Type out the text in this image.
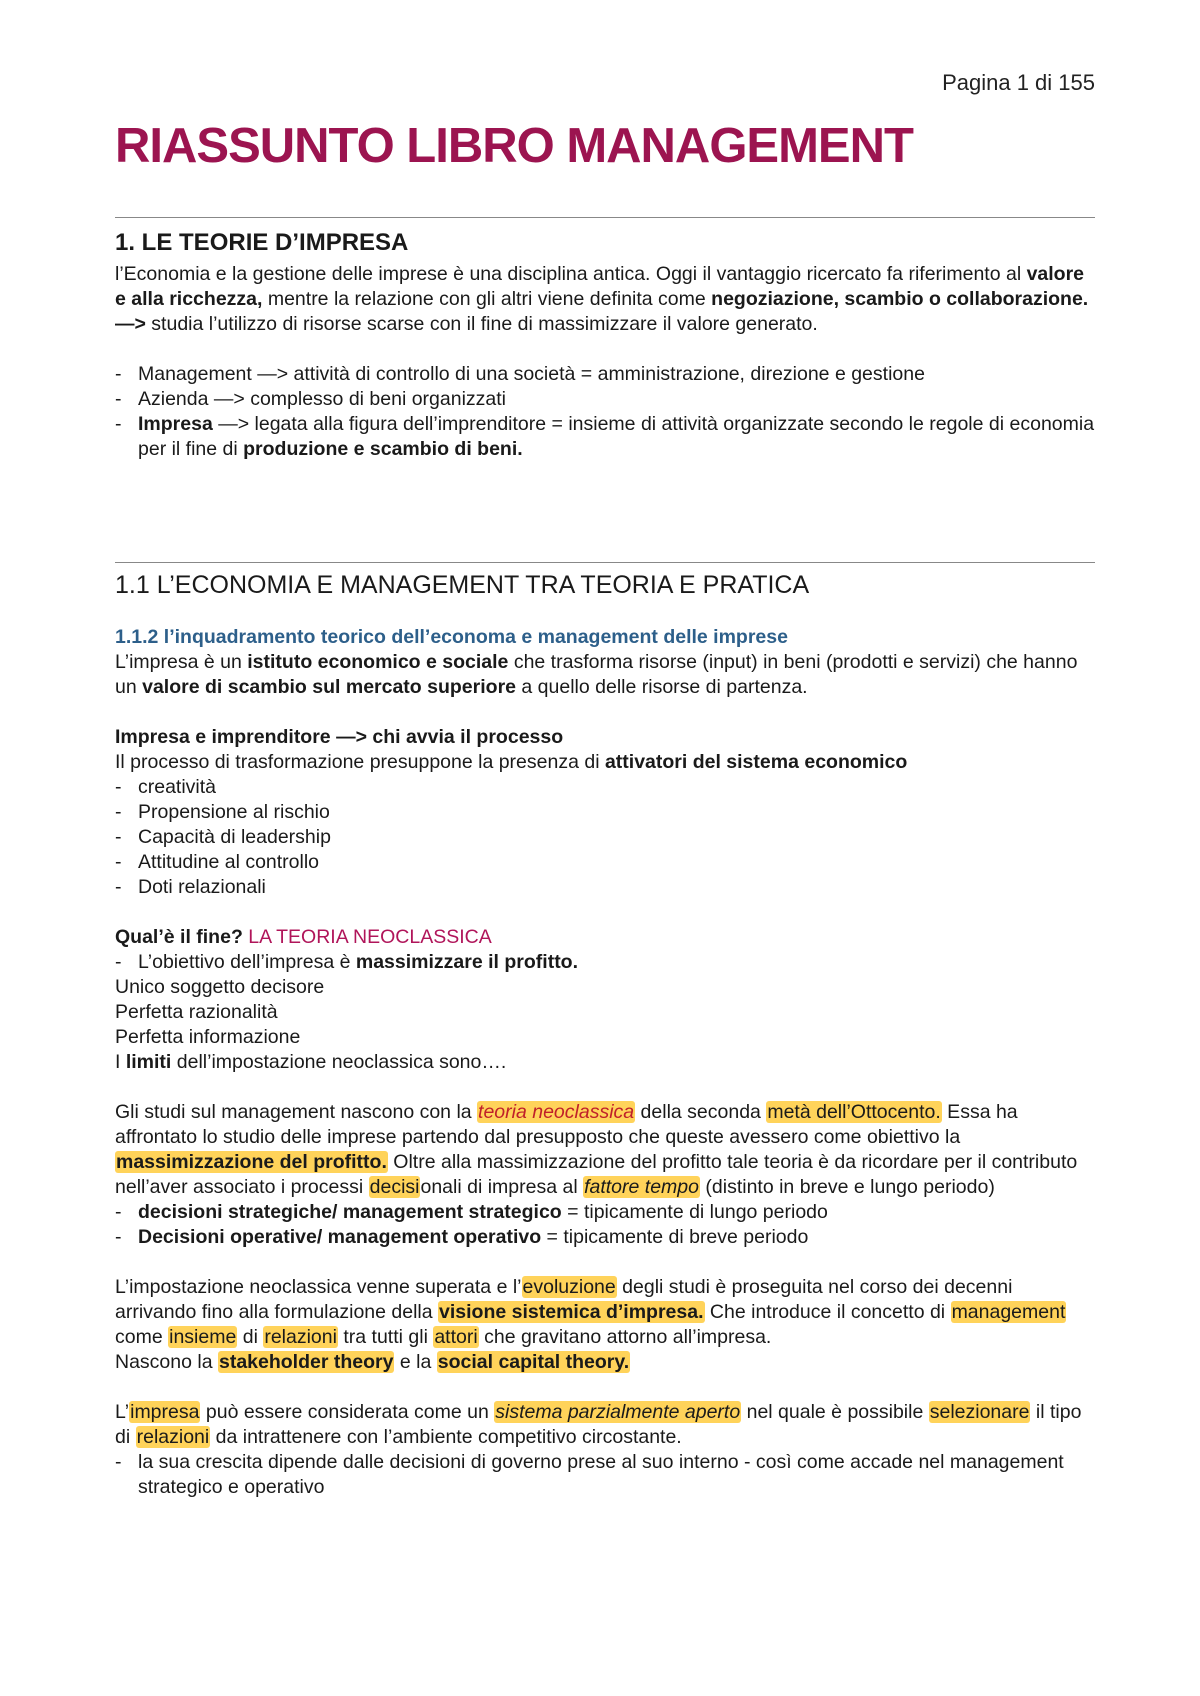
Pagina 1 di 155
RIASSUNTO LIBRO MANAGEMENT
1. LE TEORIE D’IMPRESA

l’Economia e la gestione delle imprese è una disciplina antica. Oggi il vantaggio ricercato fa riferimento al valore e alla ricchezza, mentre la relazione con gli altri viene definita come negoziazione, scambio o collaborazione.

—> studia l’utilizzo di risorse scarse con il fine di massimizzare il valore generato.

- Management —> attività di controllo di una società = amministrazione, direzione e gestione
- Azienda —> complesso di beni organizzati
- Impresa —> legata alla figura dell’imprenditore = insieme di attività organizzate secondo le regole di economia per il fine di produzione e scambio di beni.
1.1 L’ECONOMIA E MANAGEMENT TRA TEORIA E PRATICA
1.1.2 l’inquadramento teorico dell’economa e management delle imprese

L’impresa è un istituto economico e sociale che trasforma risorse (input) in beni (prodotti e servizi) che hanno un valore di scambio sul mercato superiore a quello delle risorse di partenza.

Impresa e imprenditore —> chi avvia il processo

Il processo di trasformazione presuppone la presenza di attivatori del sistema economico

- creatività
- Propensione al rischio
- Capacità di leadership
- Attitudine al controllo
- Doti relazionali

Qual’è il fine? LA TEORIA NEOCLASSICA

- L’obiettivo dell’impresa è massimizzare il profitto.

Unico soggetto decisore

Perfetta razionalità

Perfetta informazione

I limiti dell’impostazione neoclassica sono….

Gli studi sul management nascono con la teoria neoclassica della seconda metà dell’Ottocento. Essa ha affrontato lo studio delle imprese partendo dal presupposto che queste avessero come obiettivo la massimizzazione del profitto. Oltre alla massimizzazione del profitto tale teoria è da ricordare per il contributo nell’aver associato i processi decisionali di impresa al fattore tempo (distinto in breve e lungo periodo)

- decisioni strategiche/ management strategico = tipicamente di lungo periodo
- Decisioni operative/ management operativo = tipicamente di breve periodo

L’impostazione neoclassica venne superata e l’evoluzione degli studi è proseguita nel corso dei decenni arrivando fino alla formulazione della visione sistemica d’impresa. Che introduce il concetto di management come insieme di relazioni tra tutti gli attori che gravitano attorno all’impresa.

Nascono la stakeholder theory e la social capital theory.

L’impresa può essere considerata come un sistema parzialmente aperto nel quale è possibile selezionare il tipo di relazioni da intrattenere con l’ambiente competitivo circostante.

- la sua crescita dipende dalle decisioni di governo prese al suo interno - così come accade nel management strategico e operativo
